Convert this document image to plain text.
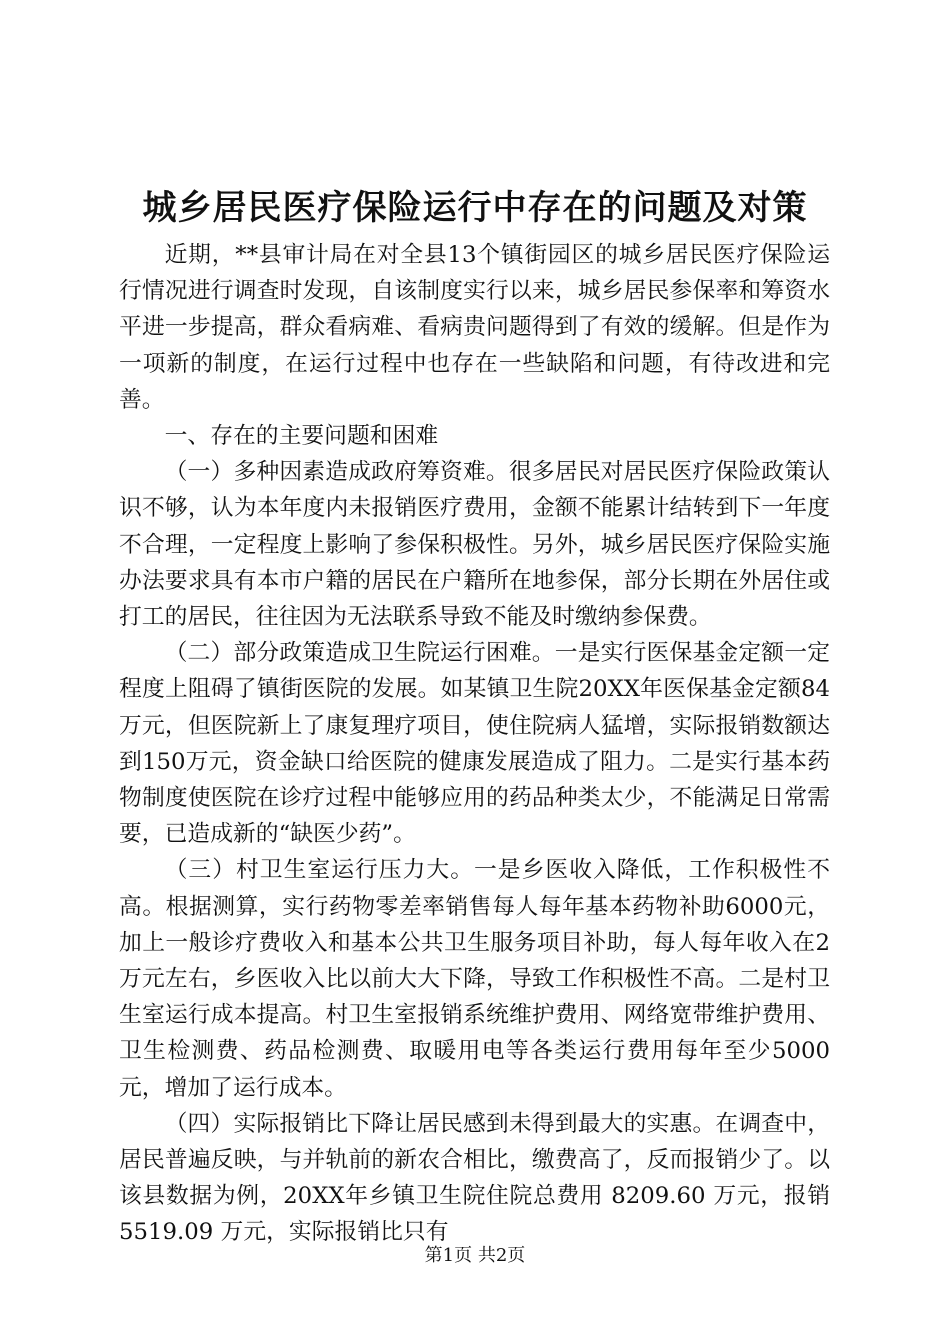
城乡居民医疗保险运行中存在的问题及对策

近期，**县审计局在对全县13个镇街园区的城乡居民医疗保险运行情况进行调查时发现，自该制度实行以来，城乡居民参保率和筹资水平进一步提高，群众看病难、看病贵问题得到了有效的缓解。但是作为一项新的制度，在运行过程中也存在一些缺陷和问题，有待改进和完善。

一、存在的主要问题和困难

（一）多种因素造成政府筹资难。很多居民对居民医疗保险政策认识不够，认为本年度内未报销医疗费用，金额不能累计结转到下一年度不合理，一定程度上影响了参保积极性。另外，城乡居民医疗保险实施办法要求具有本市户籍的居民在户籍所在地参保，部分长期在外居住或打工的居民，往往因为无法联系导致不能及时缴纳参保费。

（二）部分政策造成卫生院运行困难。一是实行医保基金定额一定程度上阻碍了镇街医院的发展。如某镇卫生院20XX年医保基金定额84万元，但医院新上了康复理疗项目，使住院病人猛增，实际报销数额达到150万元，资金缺口给医院的健康发展造成了阻力。二是实行基本药物制度使医院在诊疗过程中能够应用的药品种类太少，不能满足日常需要，已造成新的“缺医少药”。

（三）村卫生室运行压力大。一是乡医收入降低，工作积极性不高。根据测算，实行药物零差率销售每人每年基本药物补助6000元，加上一般诊疗费收入和基本公共卫生服务项目补助，每人每年收入在2万元左右，乡医收入比以前大大下降，导致工作积极性不高。二是村卫生室运行成本提高。村卫生室报销系统维护费用、网络宽带维护费用、卫生检测费、药品检测费、取暖用电等各类运行费用每年至少5000元，增加了运行成本。

（四）实际报销比下降让居民感到未得到最大的实惠。在调查中，居民普遍反映，与并轨前的新农合相比，缴费高了，反而报销少了。以该县数据为例，20XX年乡镇卫生院住院总费用 8209.60 万元，报销 5519.09 万元，实际报销比只有

第1页 共2页
